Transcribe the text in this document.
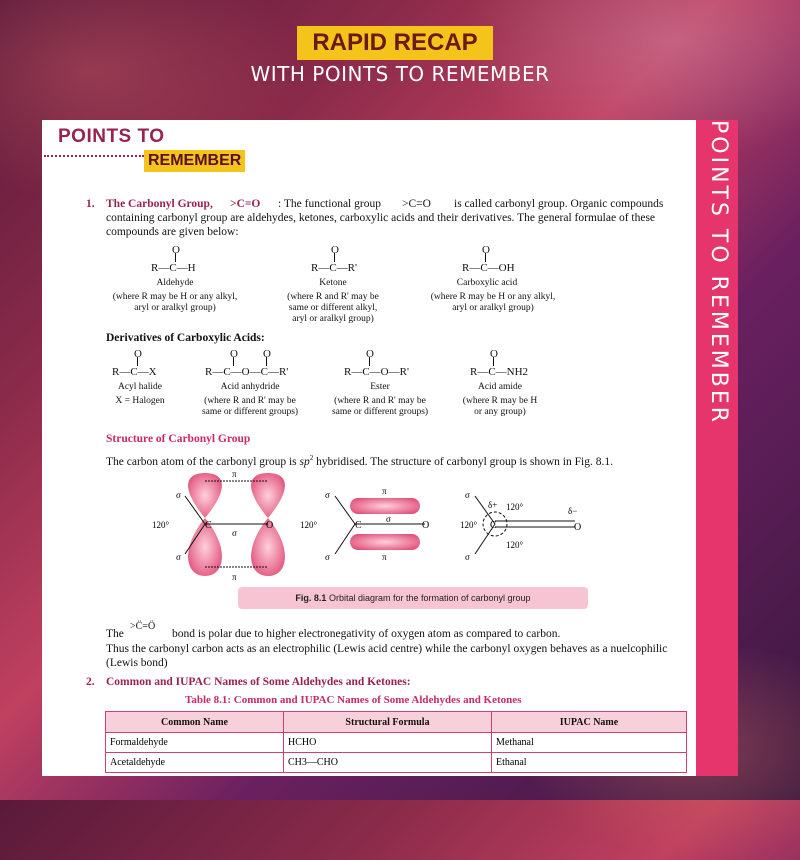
RAPID RECAP
WITH POINTS TO REMEMBER
POINTS TO REMEMBER
POINTS TO
REMEMBER
1. The Carbonyl Group, >C=O : The functional group >C=O is called carbonyl group. Organic compounds
containing carbonyl group are aldehydes, ketones, carboxylic acids and their derivatives. The general formulae of these
compounds are given below:
O
R—C—H
Aldehyde
(where R may be H or any alkyl,
aryl or aralkyl group)
O
R—C—R'
Ketone
(where R and R' may be
same or different alkyl,
aryl or aralkyl group)
O
R—C—OH
Carboxylic acid
(where R may be H or any alkyl,
aryl or aralkyl group)
Derivatives of Carboxylic Acids:
O
R—C—X
Acyl halide
X = Halogen
O O
R—C—O—C—R'
Acid anhydride
(where R and R' may be
same or different groups)
O
R—C—O—R'
Ester
(where R and R' may be
same or different groups)
O
R—C—NH2
Acid amide
(where R may be H
or any group)
Structure of Carbonyl Group
The carbon atom of the carbonyl group is $sp^2$ hybridised. The structure of carbonyl group is shown in Fig. 8.1.
C	O
120°
π
π
σ
σ
σ
C	O
120°
π
π
σ
σ
σ
C	O
120°
120°
120°
δ−
δ+
σ
σ
Fig. 8.1
Orbital diagram for the formation of carbonyl group
The
>C̈=Ö
bond is polar due to higher electronegativity of oxygen atom as compared to carbon.
Thus the carbonyl carbon acts as an electrophilic (Lewis acid centre) while the carbonyl oxygen behaves as a nuelcophilic
(Lewis bond)
2. Common and IUPAC Names of Some Aldehydes and Ketones:
Table 8.1: Common and IUPAC Names of Some Aldehydes and Ketones
Common Name	Structural Formula	IUPAC Name
Formaldehyde	HCHO	Methanal
Acetaldehyde	CH3—CHO	Ethanal
